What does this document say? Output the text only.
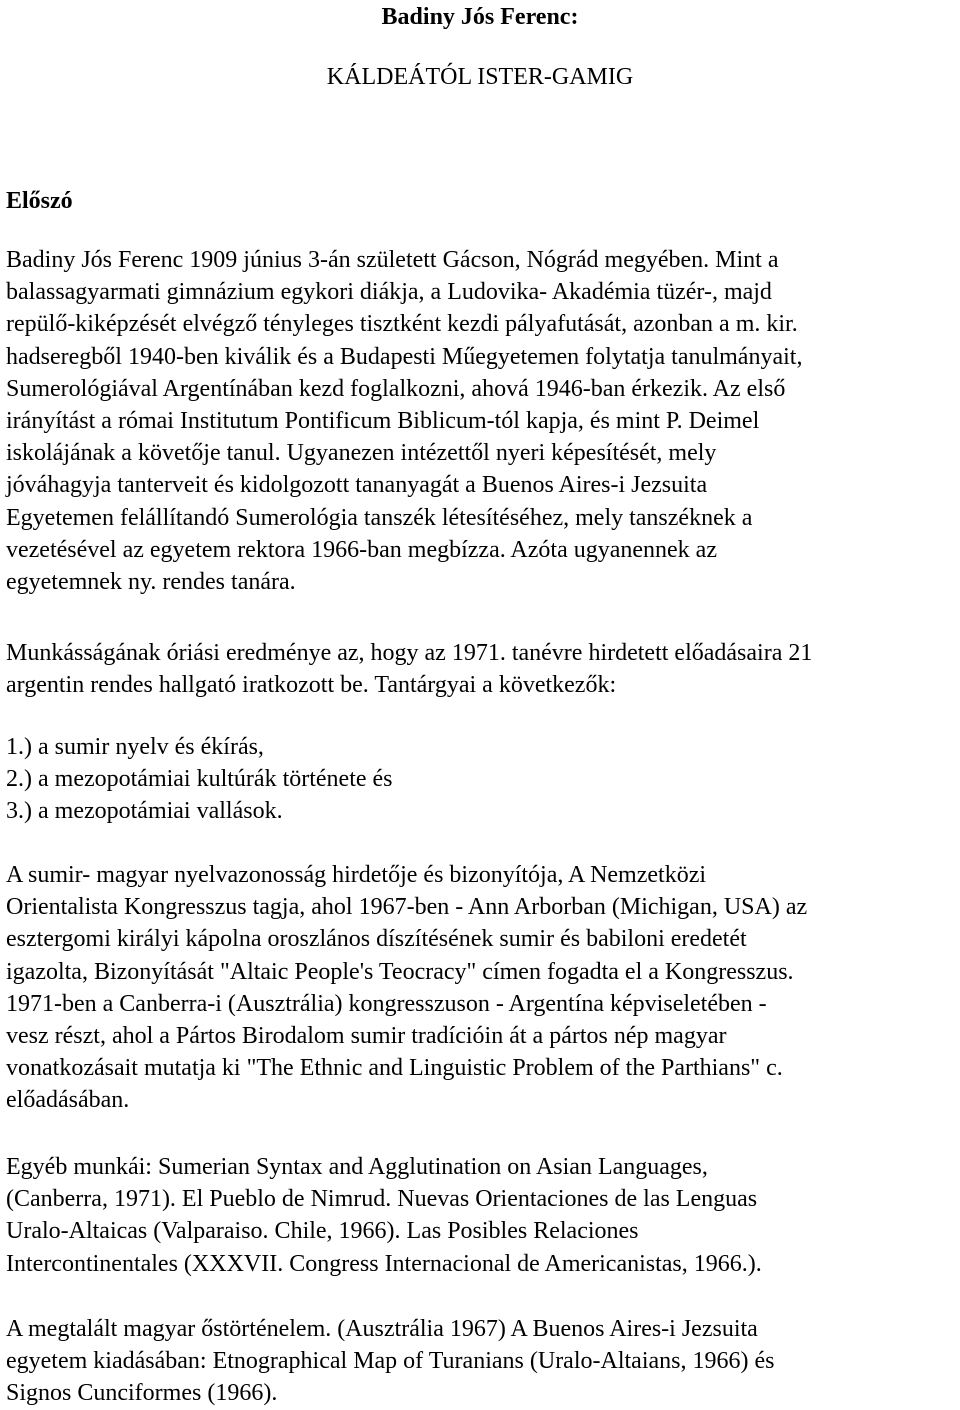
Badiny Jós Ferenc:
KÁLDEÁTÓL ISTER-GAMIG
Előszó
Badiny Jós Ferenc 1909 június 3-án született Gácson, Nógrád megyében. Mint a
balassagyarmati gimnázium egykori diákja, a Ludovika- Akadémia tüzér-, majd
repülő-kiképzését elvégző tényleges tisztként kezdi pályafutását, azonban a m. kir.
hadseregből 1940-ben kiválik és a Budapesti Műegyetemen folytatja tanulmányait,
Sumerológiával Argentínában kezd foglalkozni, ahová 1946-ban érkezik. Az első
irányítást a római Institutum Pontificum Biblicum-tól kapja, és mint P. Deimel
iskolájának a követője tanul. Ugyanezen intézettől nyeri képesítését, mely
jóváhagyja tanterveit és kidolgozott tananyagát a Buenos Aires-i Jezsuita
Egyetemen felállítandó Sumerológia tanszék létesítéséhez, mely tanszéknek a
vezetésével az egyetem rektora 1966-ban megbízza. Azóta ugyanennek az
egyetemnek ny. rendes tanára.
Munkásságának óriási eredménye az, hogy az 1971. tanévre hirdetett előadásaira 21
argentin rendes hallgató iratkozott be. Tantárgyai a következők:
1.) a sumir nyelv és ékírás,
2.) a mezopotámiai kultúrák története és
3.) a mezopotámiai vallások.
A sumir- magyar nyelvazonosság hirdetője és bizonyítója, A Nemzetközi
Orientalista Kongresszus tagja, ahol 1967-ben - Ann Arborban (Michigan, USA) az
esztergomi királyi kápolna oroszlános díszítésének sumir és babiloni eredetét
igazolta, Bizonyítását "Altaic People's Teocracy" címen fogadta el a Kongresszus.
1971-ben a Canberra-i (Ausztrália) kongresszuson - Argentína képviseletében -
vesz részt, ahol a Pártos Birodalom sumir tradícióin át a pártos nép magyar
vonatkozásait mutatja ki "The Ethnic and Linguistic Problem of the Parthians" c.
előadásában.
Egyéb munkái: Sumerian Syntax and Agglutination on Asian Languages,
(Canberra, 1971). El Pueblo de Nimrud. Nuevas Orientaciones de las Lenguas
Uralo-Altaicas (Valparaiso. Chile, 1966). Las Posibles Relaciones
Intercontinentales (XXXVII. Congress Internacional de Americanistas, 1966.).
A megtalált magyar őstörténelem. (Ausztrália 1967) A Buenos Aires-i Jezsuita
egyetem kiadásában: Etnographical Map of Turanians (Uralo-Altaians, 1966) és
Signos Cunciformes (1966).
